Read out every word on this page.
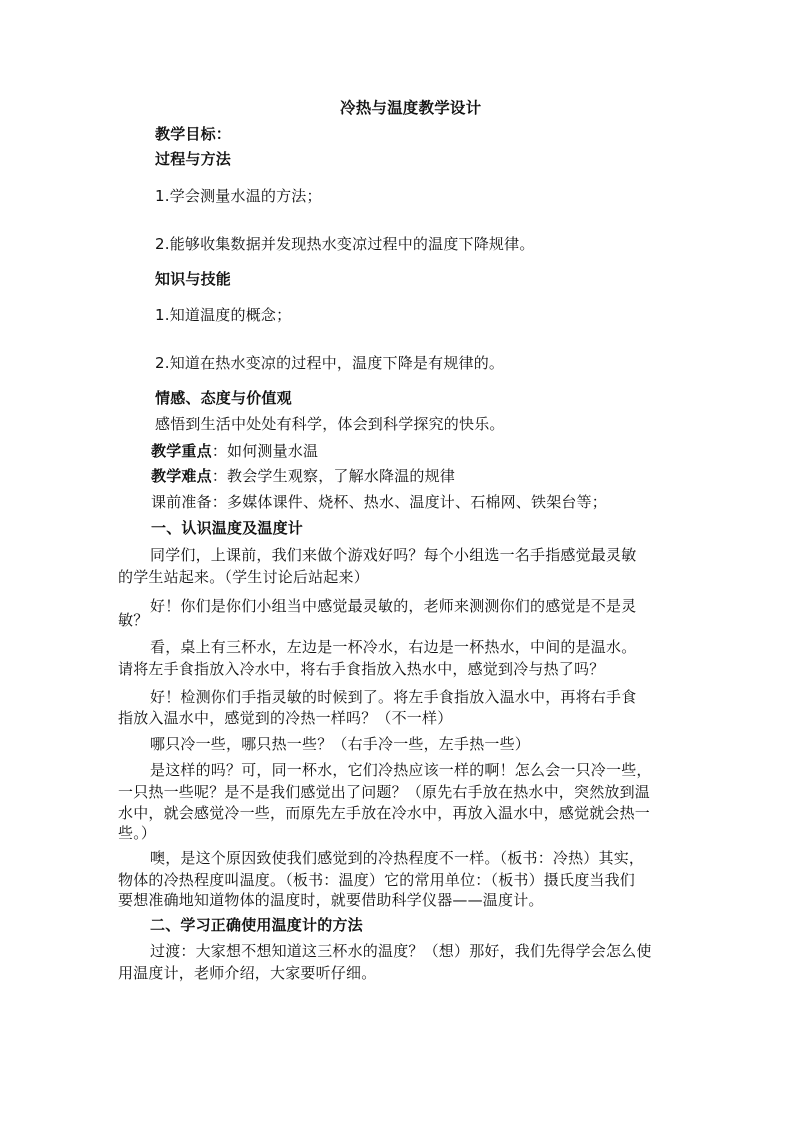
冷热与温度教学设计
教学目标：
过程与方法
1.学会测量水温的方法；
2.能够收集数据并发现热水变凉过程中的温度下降规律。
知识与技能
1.知道温度的概念；
2.知道在热水变凉的过程中，温度下降是有规律的。
情感、态度与价值观
感悟到生活中处处有科学，体会到科学探究的快乐。
教学重点：如何测量水温
教学难点：教会学生观察，了解水降温的规律
课前准备：多媒体课件、烧杯、热水、温度计、石棉网、铁架台等；
一、认识温度及温度计
同学们，上课前，我们来做个游戏好吗？每个小组选一名手指感觉最灵敏
的学生站起来。（学生讨论后站起来）
好！你们是你们小组当中感觉最灵敏的，老师来测测你们的感觉是不是灵
敏？
看，桌上有三杯水，左边是一杯冷水，右边是一杯热水，中间的是温水。
请将左手食指放入冷水中，将右手食指放入热水中，感觉到冷与热了吗？
好！检测你们手指灵敏的时候到了。将左手食指放入温水中，再将右手食
指放入温水中，感觉到的冷热一样吗？（不一样）
哪只冷一些，哪只热一些？（右手冷一些，左手热一些）
是这样的吗？可，同一杯水，它们冷热应该一样的啊！怎么会一只冷一些，
一只热一些呢？是不是我们感觉出了问题？（原先右手放在热水中，突然放到温
水中，就会感觉冷一些，而原先左手放在冷水中，再放入温水中，感觉就会热一
些。）
噢，是这个原因致使我们感觉到的冷热程度不一样。（板书：冷热）其实，
物体的冷热程度叫温度。（板书：温度）它的常用单位：（板书）摄氏度当我们
要想准确地知道物体的温度时，就要借助科学仪器——温度计。
二、学习正确使用温度计的方法
过渡：大家想不想知道这三杯水的温度？（想）那好，我们先得学会怎么使
用温度计，老师介绍，大家要听仔细。
